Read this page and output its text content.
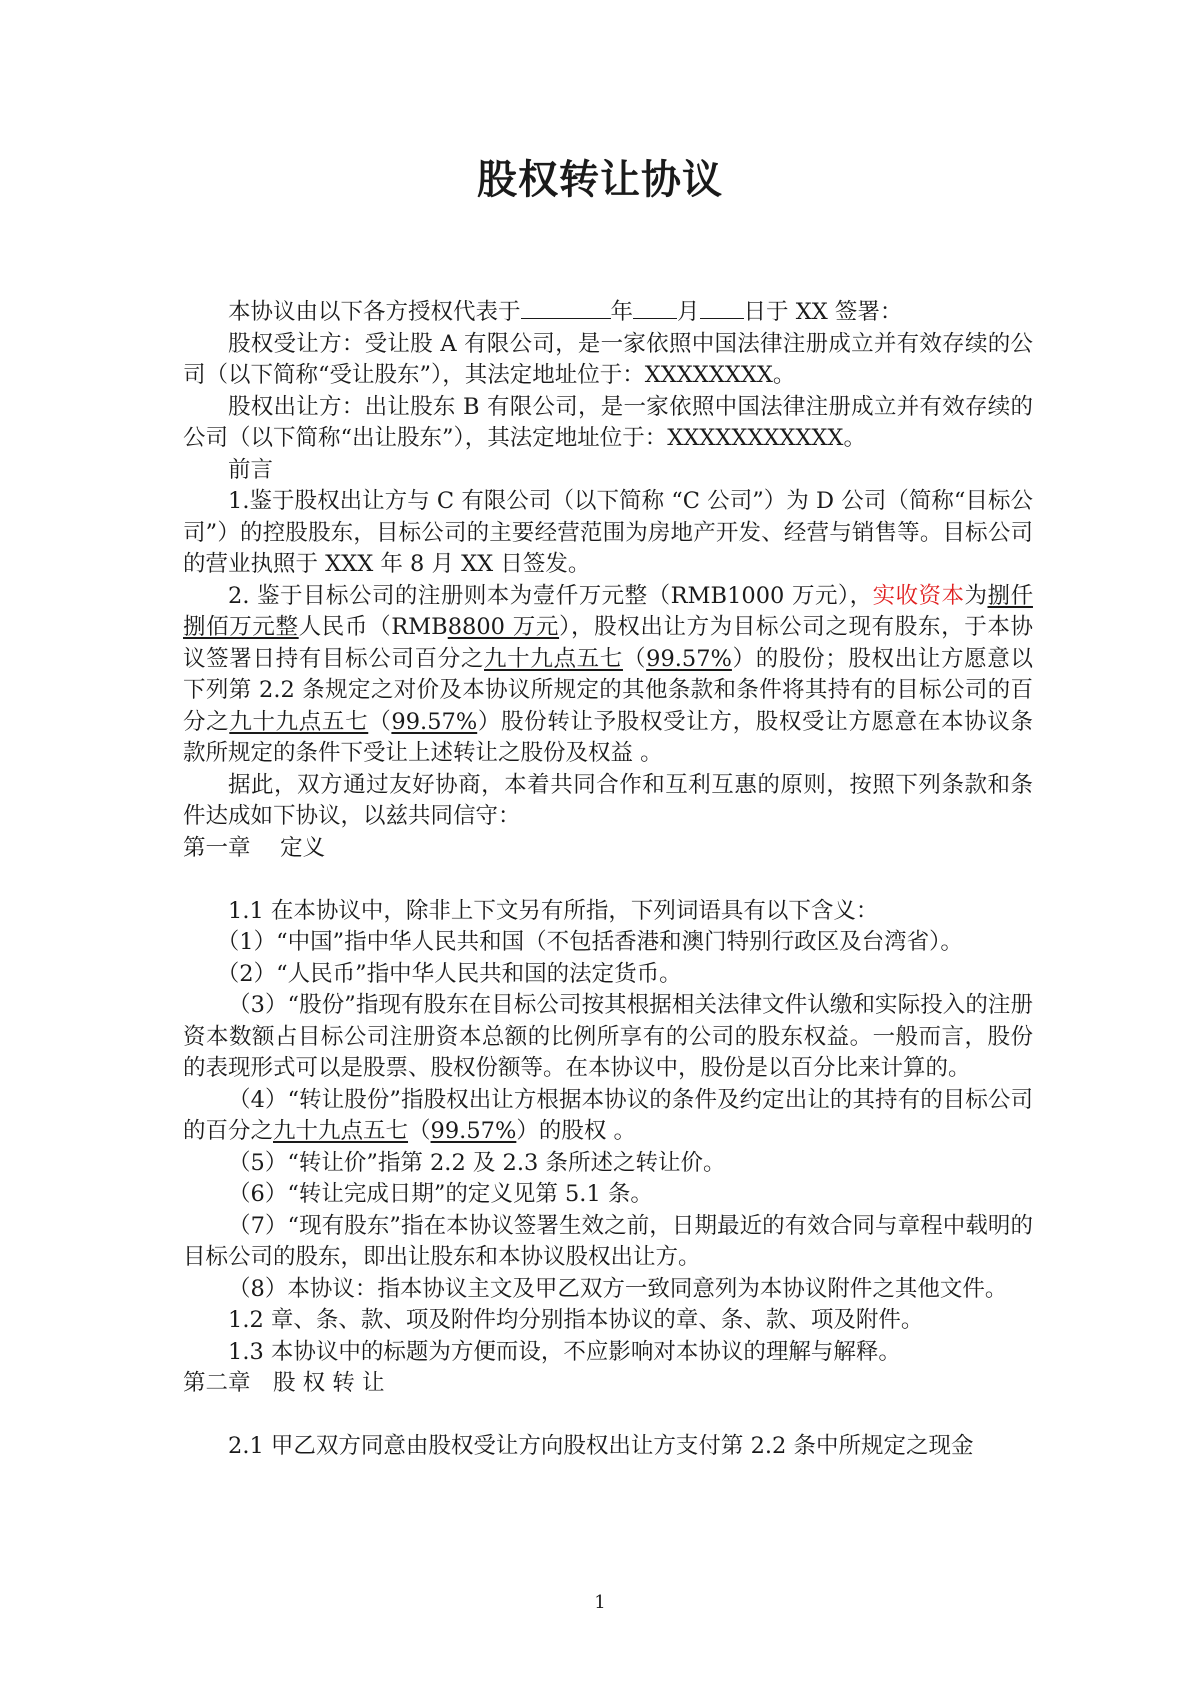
股权转让协议

本协议由以下各方授权代表于	年 月 日于 XX 签署：

股权受让方：受让股 A 有限公司，是一家依照中国法律注册成立并有效存续的公司（以下简称“受让股东”），其法定地址位于：XXXXXXXX。

股权出让方：出让股东 B 有限公司，是一家依照中国法律注册成立并有效存续的公司（以下简称“出让股东”），其法定地址位于：XXXXXXXXXXX。

前言

1.鉴于股权出让方与 C 有限公司（以下简称 “C 公司”）为 D 公司（简称“目标公司”）的控股股东，目标公司的主要经营范围为房地产开发、经营与销售等。目标公司的营业执照于 XXX 年 8 月 XX 日签发。

2. 鉴于目标公司的注册则本为壹仟万元整（RMB1000 万元），实收资本为捌仟捌佰万元整人民币（RMB8800 万元），股权出让方为目标公司之现有股东，于本协议签署日持有目标公司百分之九十九点五七（99.57%）的股份；股权出让方愿意以下列第 2.2 条规定之对价及本协议所规定的其他条款和条件将其持有的目标公司的百分之九十九点五七（99.57%）股份转让予股权受让方，股权受让方愿意在本协议条款所规定的条件下受让上述转让之股份及权益 。

据此，双方通过友好协商，本着共同合作和互利互惠的原则，按照下列条款和条件达成如下协议，以兹共同信守：

第一章　 定义

1.1 在本协议中，除非上下文另有所指，下列词语具有以下含义：

（1）“中国”指中华人民共和国（不包括香港和澳门特别行政区及台湾省）。

（2）“人民币”指中华人民共和国的法定货币。

（3）“股份”指现有股东在目标公司按其根据相关法律文件认缴和实际投入的注册资本数额占目标公司注册资本总额的比例所享有的公司的股东权益。一般而言，股份的表现形式可以是股票、股权份额等。在本协议中，股份是以百分比来计算的。

（4）“转让股份”指股权出让方根据本协议的条件及约定出让的其持有的目标公司的百分之九十九点五七（99.57%）的股权 。

（5）“转让价”指第 2.2 及 2.3 条所述之转让价。

（6）“转让完成日期”的定义见第 5.1 条。

（7）“现有股东”指在本协议签署生效之前，日期最近的有效合同与章程中载明的目标公司的股东，即出让股东和本协议股权出让方。

（8）本协议：指本协议主文及甲乙双方一致同意列为本协议附件之其他文件。

1.2 章、条、款、项及附件均分别指本协议的章、条、款、项及附件。

1.3 本协议中的标题为方便而设，不应影响对本协议的理解与解释。

第二章　股 权 转 让

2.1 甲乙双方同意由股权受让方向股权出让方支付第 2.2 条中所规定之现金

1
